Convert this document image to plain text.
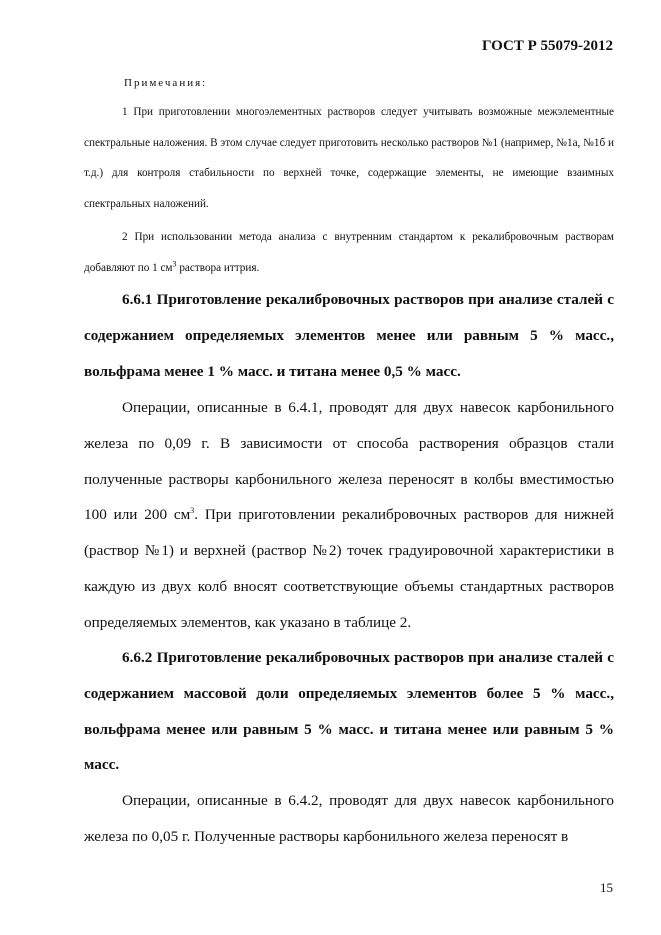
ГОСТ Р 55079-2012
Примечания:

1 При приготовлении многоэлементных растворов следует учитывать возможные межэлементные спектральные наложения. В этом случае следует приготовить несколько растворов №1 (например, №1а, №1б и т.д.) для контроля стабильности по верхней точке, содержащие элементы, не имеющие взаимных спектральных наложений.

2 При использовании метода анализа с внутренним стандартом к рекалибровочным растворам добавляют по 1 $см^3$ раствора иттрия.

6.6.1 Приготовление рекалибровочных растворов при анализе сталей с содержанием определяемых элементов менее или равным 5 % масс., вольфрама менее 1 % масс. и титана менее 0,5 % масс.

Операции, описанные в 6.4.1, проводят для двух навесок карбонильного железа по 0,09 г. В зависимости от способа растворения образцов стали полученные растворы карбонильного железа переносят в колбы вместимостью 100 или 200 $см^3$. При приготовлении рекалибровочных растворов для нижней (раствор №1) и верхней (раствор №2) точек градуировочной характеристики в каждую из двух колб вносят соответствующие объемы стандартных растворов определяемых элементов, как указано в таблице 2.

6.6.2 Приготовление рекалибровочных растворов при анализе сталей с содержанием массовой доли определяемых элементов более 5 % масс., вольфрама менее или равным 5 % масс. и титана менее или равным 5 % масс.

Операции, описанные в 6.4.2, проводят для двух навесок карбонильного железа по 0,05 г. Полученные растворы карбонильного железа переносят в

15
